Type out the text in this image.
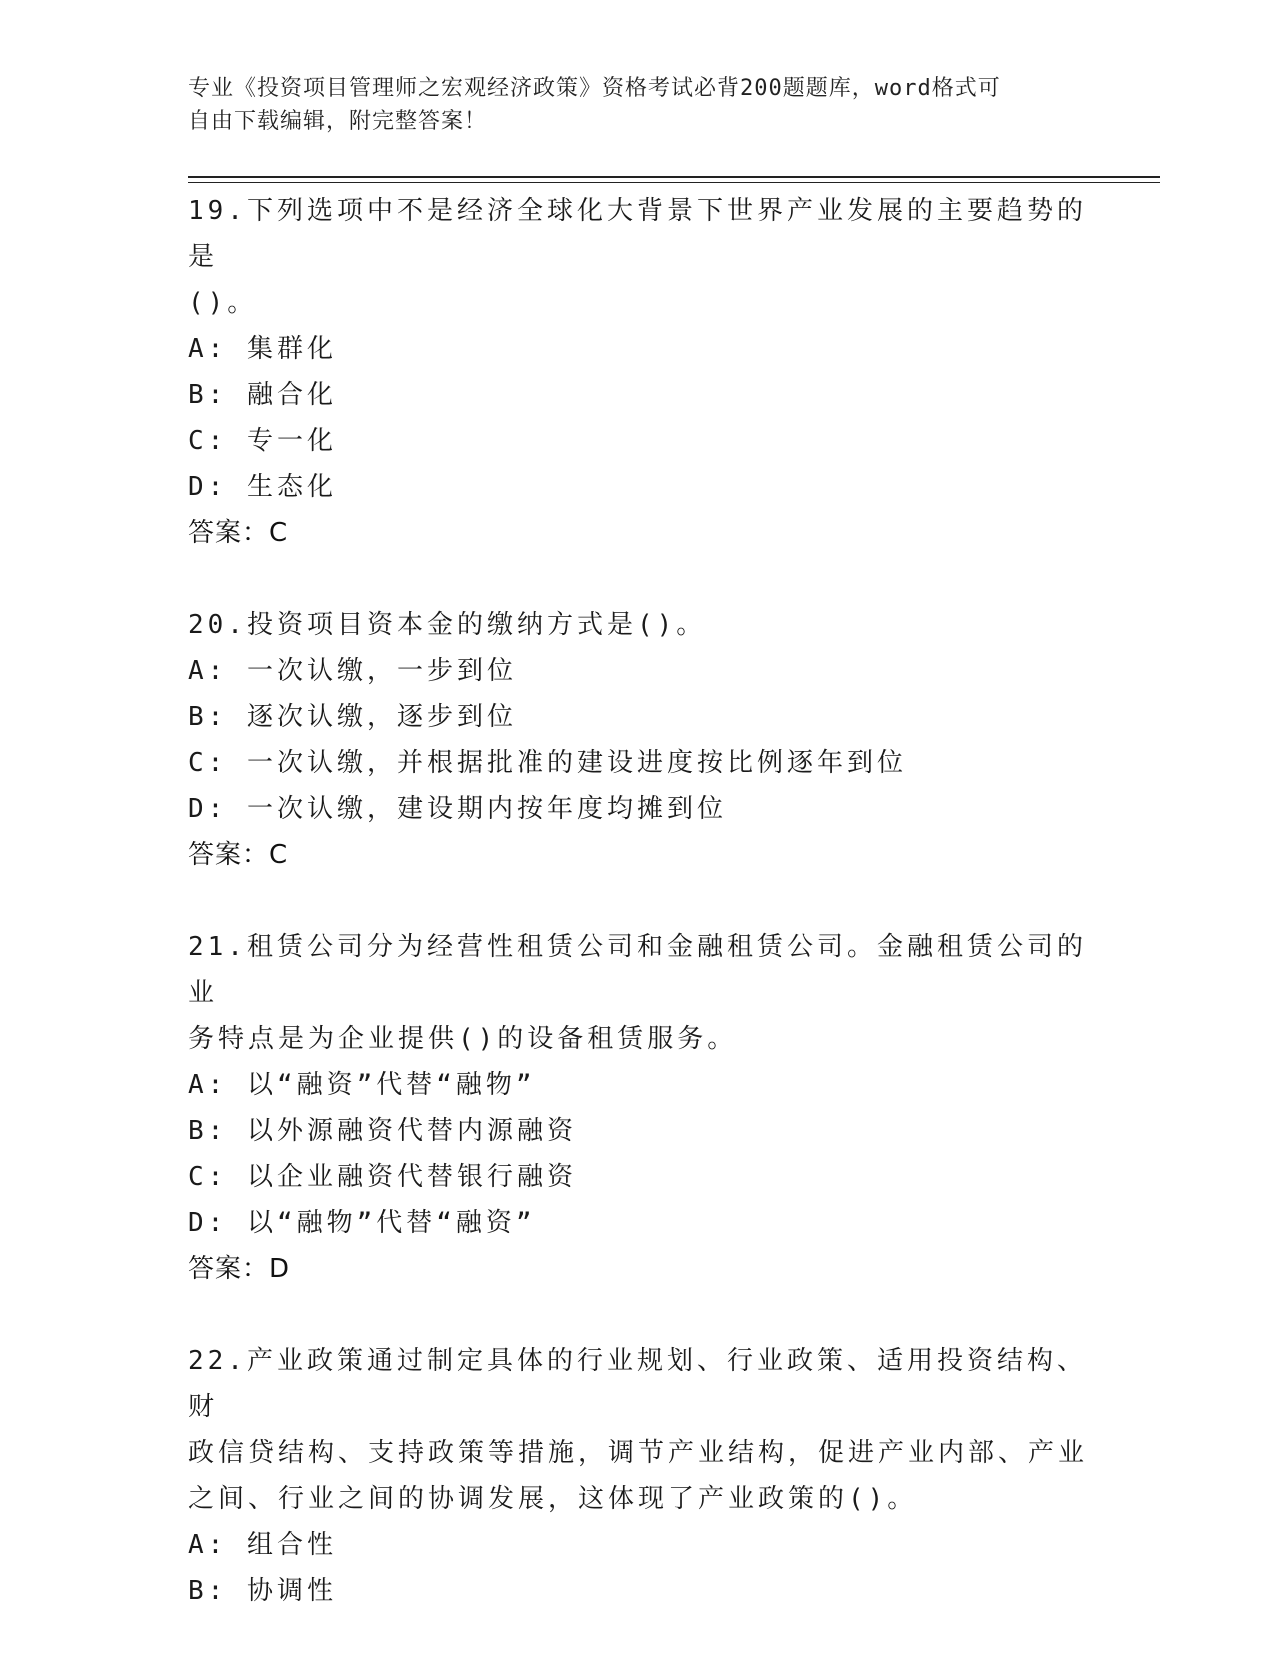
专业《投资项目管理师之宏观经济政策》资格考试必背200题题库，word格式可
自由下载编辑，附完整答案！
19.下列选项中不是经济全球化大背景下世界产业发展的主要趋势的是
()。
A: 集群化
B: 融合化
C: 专一化
D: 生态化
答案：C
20.投资项目资本金的缴纳方式是()。
A: 一次认缴，一步到位
B: 逐次认缴，逐步到位
C: 一次认缴，并根据批准的建设进度按比例逐年到位
D: 一次认缴，建设期内按年度均摊到位
答案：C
21.租赁公司分为经营性租赁公司和金融租赁公司。金融租赁公司的业
务特点是为企业提供()的设备租赁服务。
A: 以“融资”代替“融物”
B: 以外源融资代替内源融资
C: 以企业融资代替银行融资
D: 以“融物”代替“融资”
答案：D
22.产业政策通过制定具体的行业规划、行业政策、适用投资结构、财
政信贷结构、支持政策等措施，调节产业结构，促进产业内部、产业
之间、行业之间的协调发展，这体现了产业政策的()。
A: 组合性
B: 协调性
